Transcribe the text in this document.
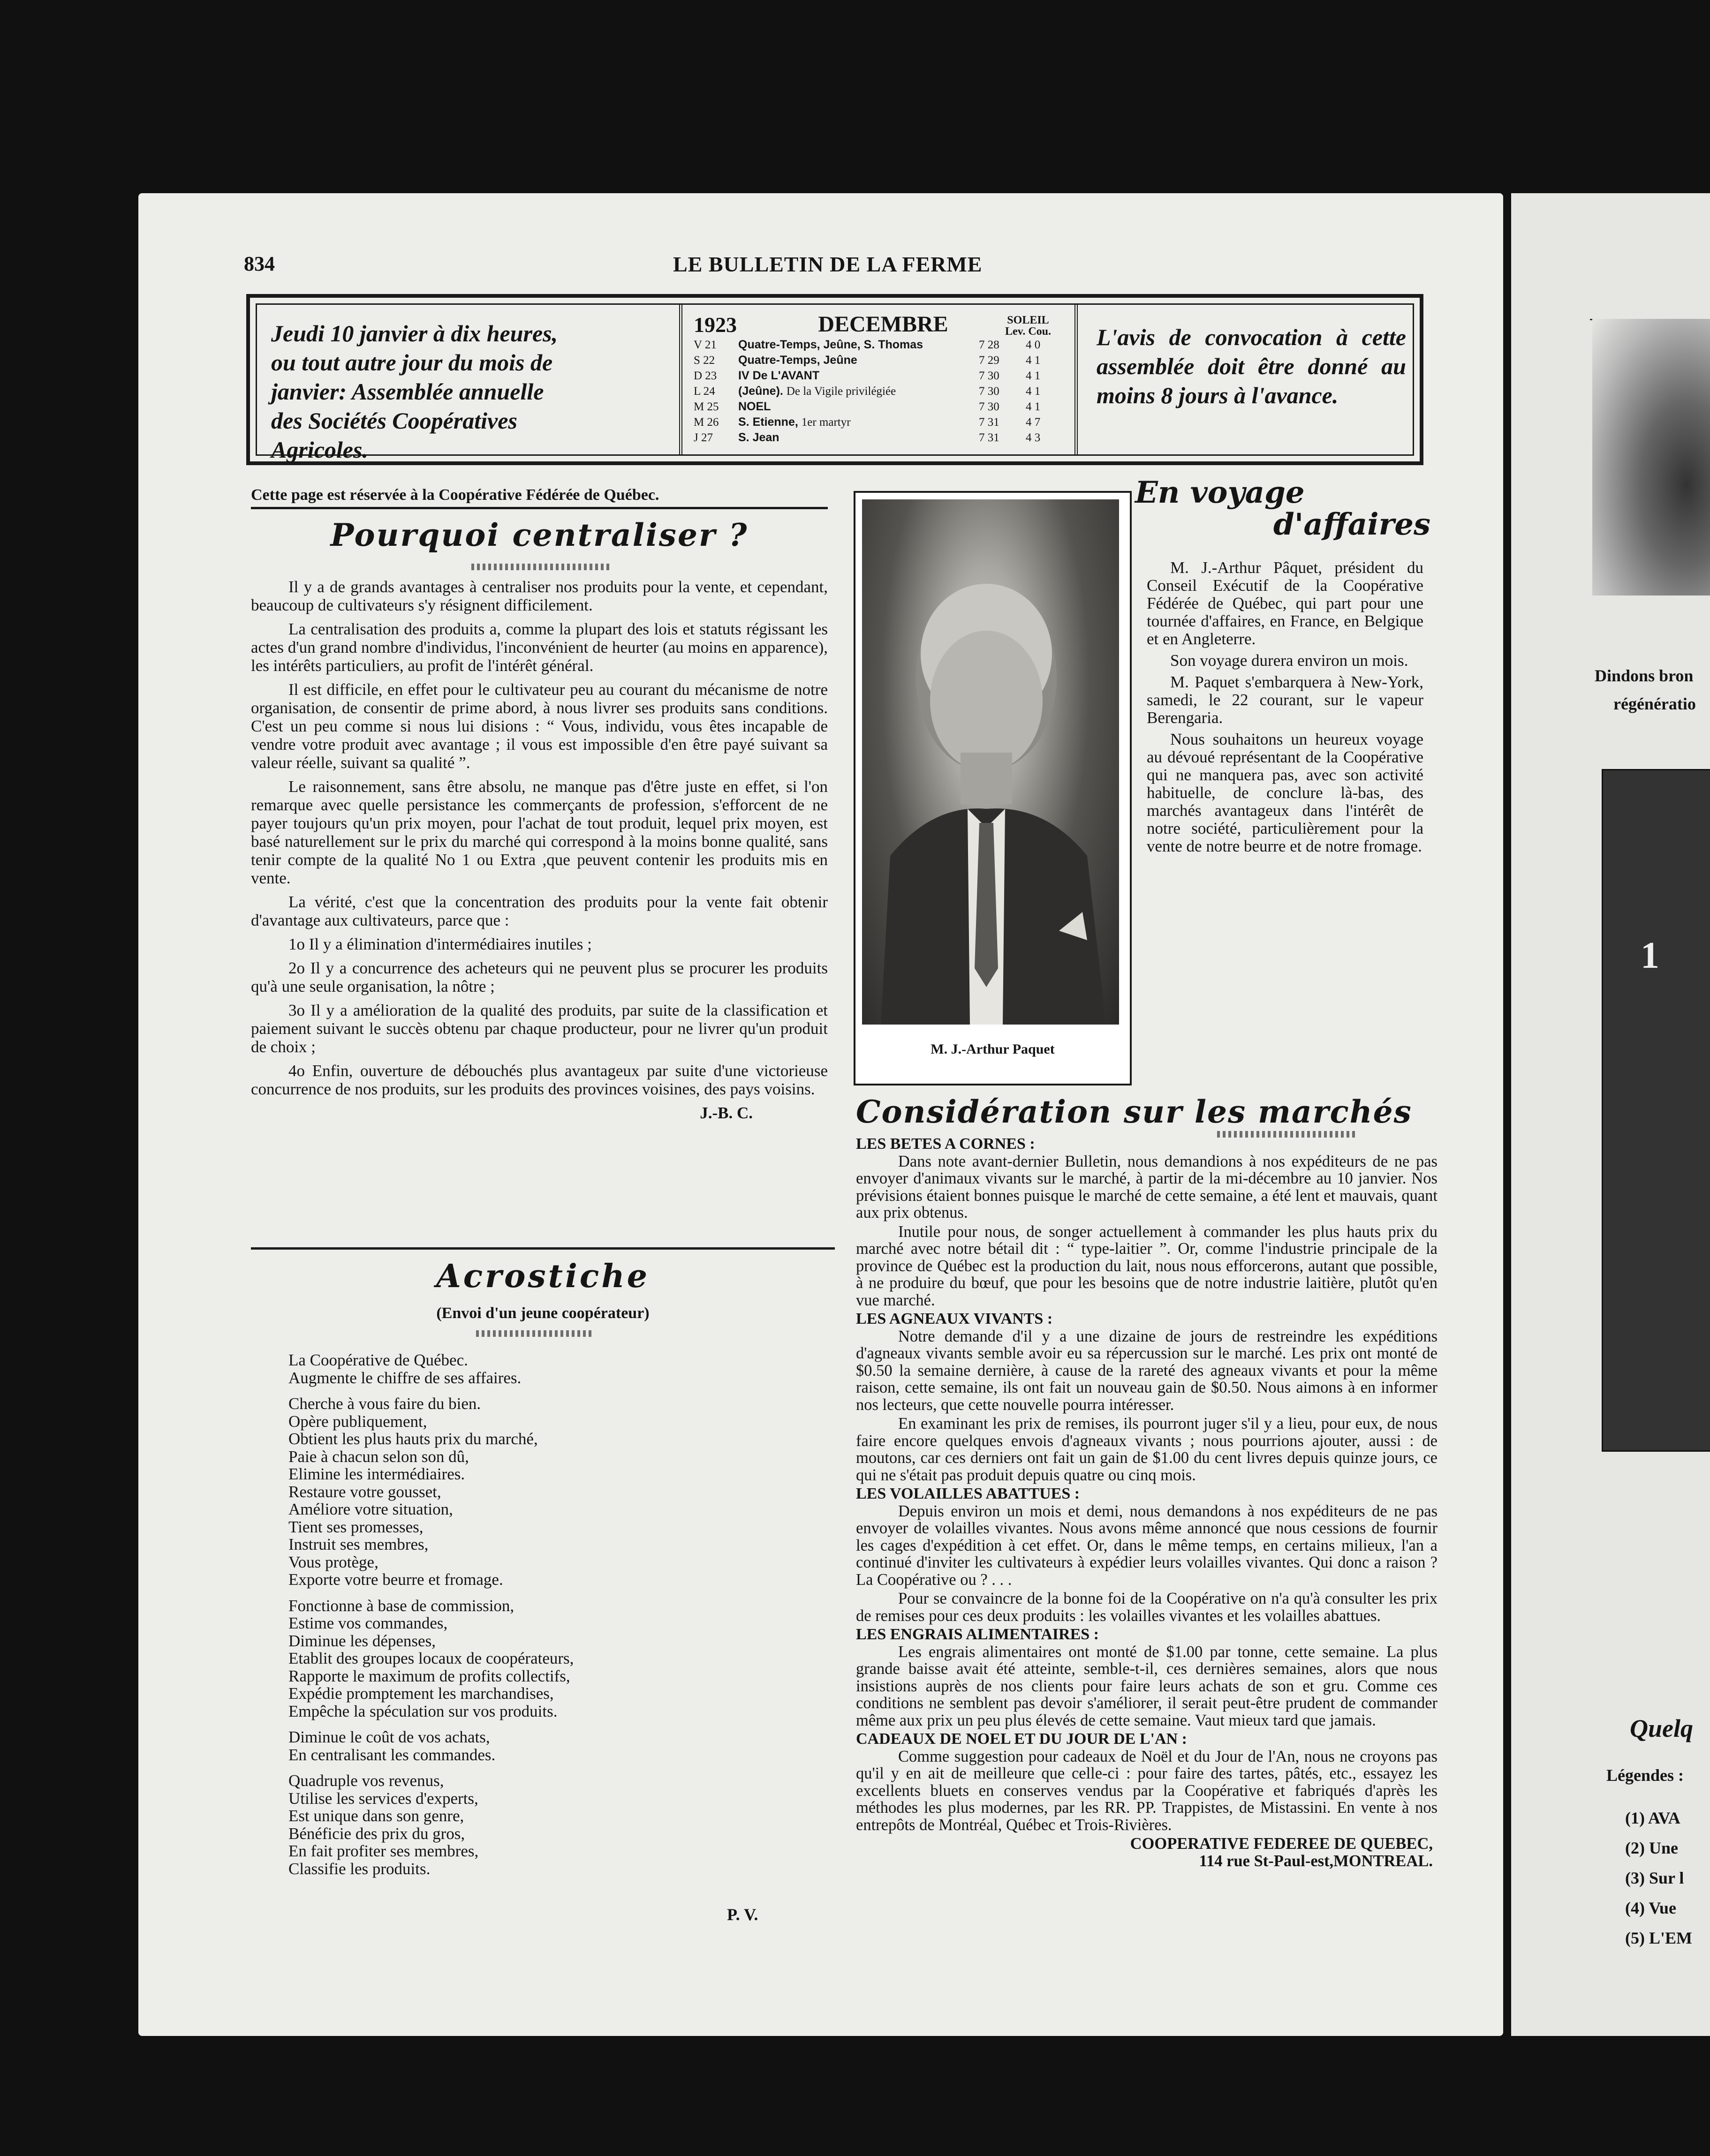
834	LE BULLETIN DE LA FERME
Jeudi 10 janvier à dix heures, ou tout autre jour du mois de janvier: Assemblée annuelle des Sociétés Coopératives Agricoles.
1923	DECEMBRE	SOLEIL
Lev. Cou.
V 21	Quatre-Temps, Jeûne, S. Thomas	7 28	4 0
S 22	Quatre-Temps, Jeûne	7 29	4 1
D 23	IV De L'AVANT	7 30	4 1
L 24	(Jeûne). De la Vigile privilégiée	7 30	4 1
M 25	NOEL	7 30	4 1
M 26	S. Etienne, 1er martyr	7 31	4 7
J 27	S. Jean	7 31	4 3
L'avis de convocation à cette assemblée doit être donné au moins 8 jours à l'avance.
Cette page est réservée à la Coopérative Fédérée de Québec.
Pourquoi centraliser ?

Il y a de grands avantages à centraliser nos produits pour la vente, et cependant, beaucoup de cultivateurs s'y résignent difficilement.

La centralisation des produits a, comme la plupart des lois et statuts régissant les actes d'un grand nombre d'individus, l'inconvénient de heurter (au moins en apparence), les intérêts particuliers, au profit de l'intérêt général.

Il est difficile, en effet pour le cultivateur peu au courant du mécanisme de notre organisation, de consentir de prime abord, à nous livrer ses produits sans conditions. C'est un peu comme si nous lui disions : “ Vous, individu, vous êtes incapable de vendre votre produit avec avantage ; il vous est impossible d'en être payé suivant sa valeur réelle, suivant sa qualité ”.

Le raisonnement, sans être absolu, ne manque pas d'être juste en effet, si l'on remarque avec quelle persistance les commerçants de profession, s'efforcent de ne payer toujours qu'un prix moyen, pour l'achat de tout produit, lequel prix moyen, est basé naturellement sur le prix du marché qui correspond à la moins bonne qualité, sans tenir compte de la qualité No 1 ou Extra ,que peuvent contenir les produits mis en vente.

La vérité, c'est que la concentration des produits pour la vente fait obtenir d'avantage aux cultivateurs, parce que :

1o Il y a élimination d'intermédiaires inutiles ;

2o Il y a concurrence des acheteurs qui ne peuvent plus se procurer les produits qu'à une seule organisation, la nôtre ;

3o Il y a amélioration de la qualité des produits, par suite de la classification et paiement suivant le succès obtenu par chaque producteur, pour ne livrer qu'un produit de choix ;

4o Enfin, ouverture de débouchés plus avantageux par suite d'une victorieuse concurrence de nos produits, sur les produits des provinces voisines, des pays voisins.

J.-B. C.

Acrostiche
(Envoi d'un jeune coopérateur)
La Coopérative de Québec.
Augmente le chiffre de ses affaires.
Cherche à vous faire du bien.
Opère publiquement,
Obtient les plus hauts prix du marché,
Paie à chacun selon son dû,
Elimine les intermédiaires.
Restaure votre gousset,
Améliore votre situation,
Tient ses promesses,
Instruit ses membres,
Vous protège,
Exporte votre beurre et fromage.
Fonctionne à base de commission,
Estime vos commandes,
Diminue les dépenses,
Etablit des groupes locaux de coopérateurs,
Rapporte le maximum de profits collectifs,
Expédie promptement les marchandises,
Empêche la spéculation sur vos produits.
Diminue le coût de vos achats,
En centralisant les commandes.
Quadruple vos revenus,
Utilise les services d'experts,
Est unique dans son genre,
Bénéficie des prix du gros,
En fait profiter ses membres,
Classifie les produits.
P. V.
M. J.-Arthur Paquet
En voyage
d'affaires

M. J.-Arthur Pâquet, président du Conseil Exécutif de la Coopérative Fédérée de Québec, qui part pour une tournée d'affaires, en France, en Belgique et en Angleterre.

Son voyage durera environ un mois.

M. Paquet s'embarquera à New-York, samedi, le 22 courant, sur le vapeur Berengaria.

Nous souhaitons un heureux voyage au dévoué représentant de la Coopérative qui ne manquera pas, avec son activité habituelle, de conclure là-bas, des marchés avantageux dans l'intérêt de notre société, particulièrement pour la vente de notre beurre et de notre fromage.

Considération sur les marchés
LES BETES A CORNES :

Dans note avant-dernier Bulletin, nous demandions à nos expéditeurs de ne pas envoyer d'animaux vivants sur le marché, à partir de la mi-décembre au 10 janvier. Nos prévisions étaient bonnes puisque le marché de cette semaine, a été lent et mauvais, quant aux prix obtenus.

Inutile pour nous, de songer actuellement à commander les plus hauts prix du marché avec notre bétail dit : “ type-laitier ”. Or, comme l'industrie principale de la province de Québec est la production du lait, nous nous efforcerons, autant que possible, à ne produire du bœuf, que pour les besoins que de notre industrie laitière, plutôt qu'en vue marché.

LES AGNEAUX VIVANTS :

Notre demande d'il y a une dizaine de jours de restreindre les expéditions d'agneaux vivants semble avoir eu sa répercussion sur le marché. Les prix ont monté de $0.50 la semaine dernière, à cause de la rareté des agneaux vivants et pour la même raison, cette semaine, ils ont fait un nouveau gain de $0.50. Nous aimons à en informer nos lecteurs, que cette nouvelle pourra intéresser.

En examinant les prix de remises, ils pourront juger s'il y a lieu, pour eux, de nous faire encore quelques envois d'agneaux vivants ; nous pourrions ajouter, aussi : de moutons, car ces derniers ont fait un gain de $1.00 du cent livres depuis quinze jours, ce qui ne s'était pas produit depuis quatre ou cinq mois.

LES VOLAILLES ABATTUES :

Depuis environ un mois et demi, nous demandons à nos expéditeurs de ne pas envoyer de volailles vivantes. Nous avons même annoncé que nous cessions de fournir les cages d'expédition à cet effet. Or, dans le même temps, en certains milieux, l'an a continué d'inviter les cultivateurs à expédier leurs volailles vivantes. Qui donc a raison ? La Coopérative ou ? . . .

Pour se convaincre de la bonne foi de la Coopérative on n'a qu'à consulter les prix de remises pour ces deux produits : les volailles vivantes et les volailles abattues.

LES ENGRAIS ALIMENTAIRES :

Les engrais alimentaires ont monté de $1.00 par tonne, cette semaine. La plus grande baisse avait été atteinte, semble-t-il, ces dernières semaines, alors que nous insistions auprès de nos clients pour faire leurs achats de son et gru. Comme ces conditions ne semblent pas devoir s'améliorer, il serait peut-être prudent de commander même aux prix un peu plus élevés de cette semaine. Vaut mieux tard que jamais.

CADEAUX DE NOEL ET DU JOUR DE L'AN :

Comme suggestion pour cadeaux de Noël et du Jour de l'An, nous ne croyons pas qu'il y en ait de meilleure que celle-ci : pour faire des tartes, pâtés, etc., essayez les excellents bluets en conserves vendus par la Coopérative et fabriqués d'après les méthodes les plus modernes, par les RR. PP. Trappistes, de Mistassini. En vente à nos entrepôts de Montréal, Québec et Trois-Rivières.

COOPERATIVE FEDEREE DE QUEBEC,
114 rue St-Paul-est,MONTREAL.
Dindons bron
régénératio
1
Quelq
Légendes :
(1) AVA
(2) Une
(3) Sur l
(4) Vue
(5) L'EM
